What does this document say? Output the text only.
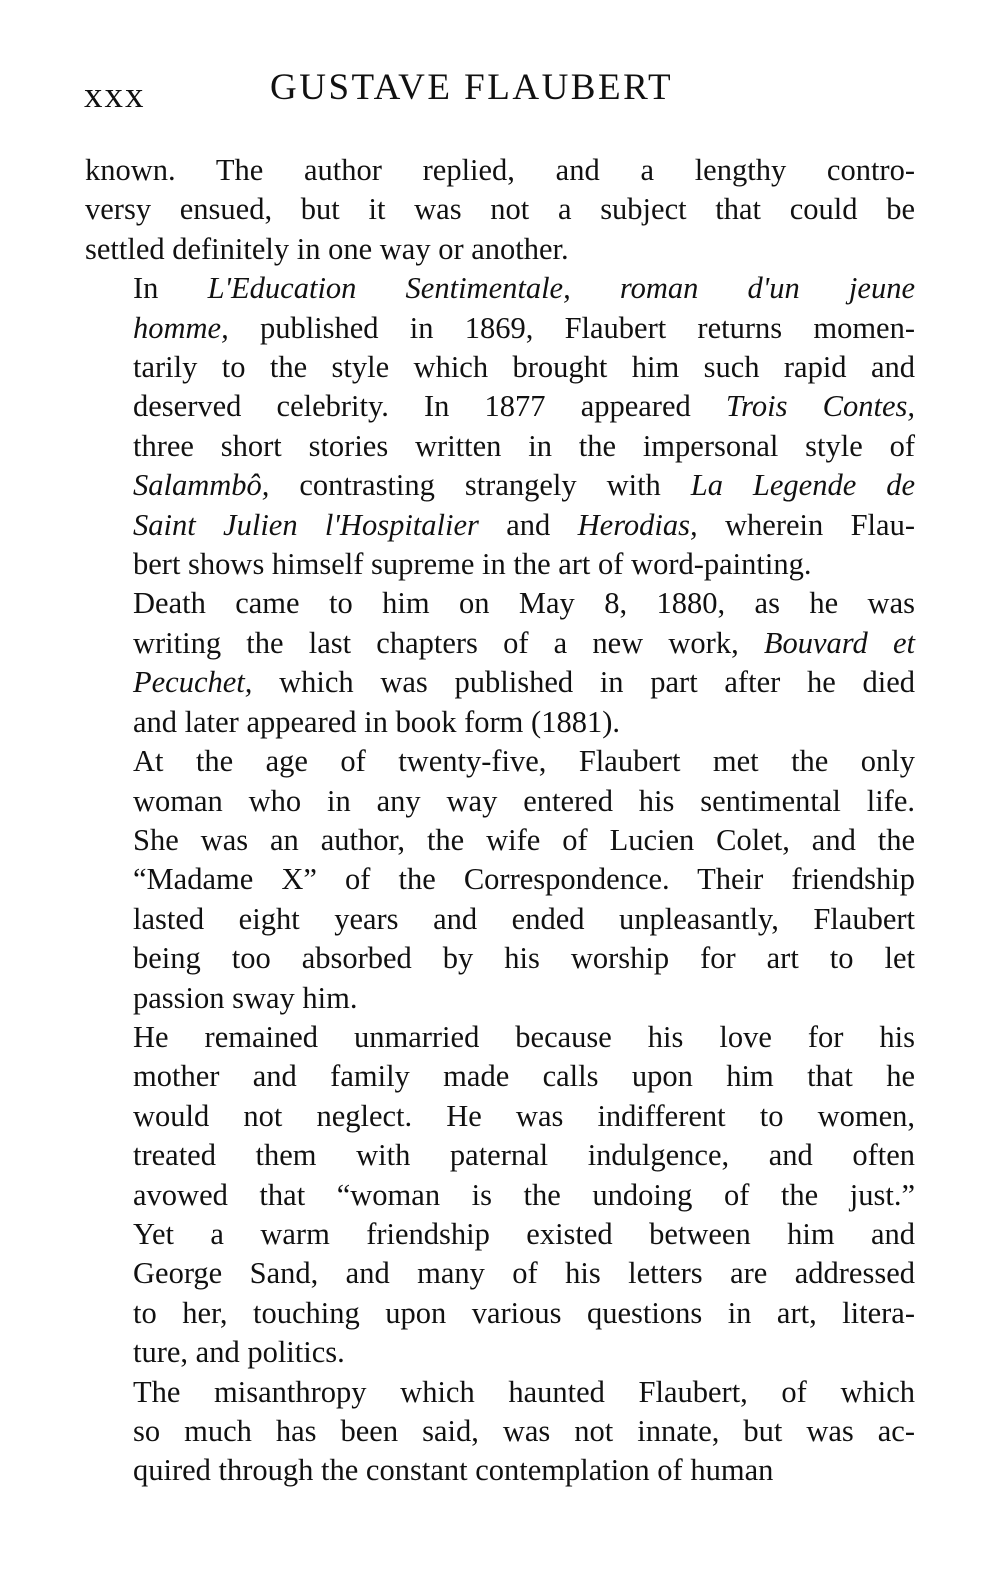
xxx	GUSTAVE FLAUBERT

known. The author replied, and a lengthy contro-
versy ensued, but it was not a subject that could be
settled definitely in one way or another.

In L'Education Sentimentale, roman d'un jeune
homme, published in 1869, Flaubert returns momen-
tarily to the style which brought him such rapid and
deserved celebrity. In 1877 appeared Trois Contes,
three short stories written in the impersonal style of
Salammbô, contrasting strangely with La Legende de
Saint Julien l'Hospitalier and Herodias, wherein Flau-
bert shows himself supreme in the art of word-painting.

Death came to him on May 8, 1880, as he was
writing the last chapters of a new work, Bouvard et
Pecuchet, which was published in part after he died
and later appeared in book form (1881).

At the age of twenty-five, Flaubert met the only
woman who in any way entered his sentimental life.
She was an author, the wife of Lucien Colet, and the
“Madame X” of the Correspondence. Their friendship
lasted eight years and ended unpleasantly, Flaubert
being too absorbed by his worship for art to let
passion sway him.

He remained unmarried because his love for his
mother and family made calls upon him that he
would not neglect. He was indifferent to women,
treated them with paternal indulgence, and often
avowed that “woman is the undoing of the just.”
Yet a warm friendship existed between him and
George Sand, and many of his letters are addressed
to her, touching upon various questions in art, litera-
ture, and politics.

The misanthropy which haunted Flaubert, of which
so much has been said, was not innate, but was ac-
quired through the constant contemplation of human
